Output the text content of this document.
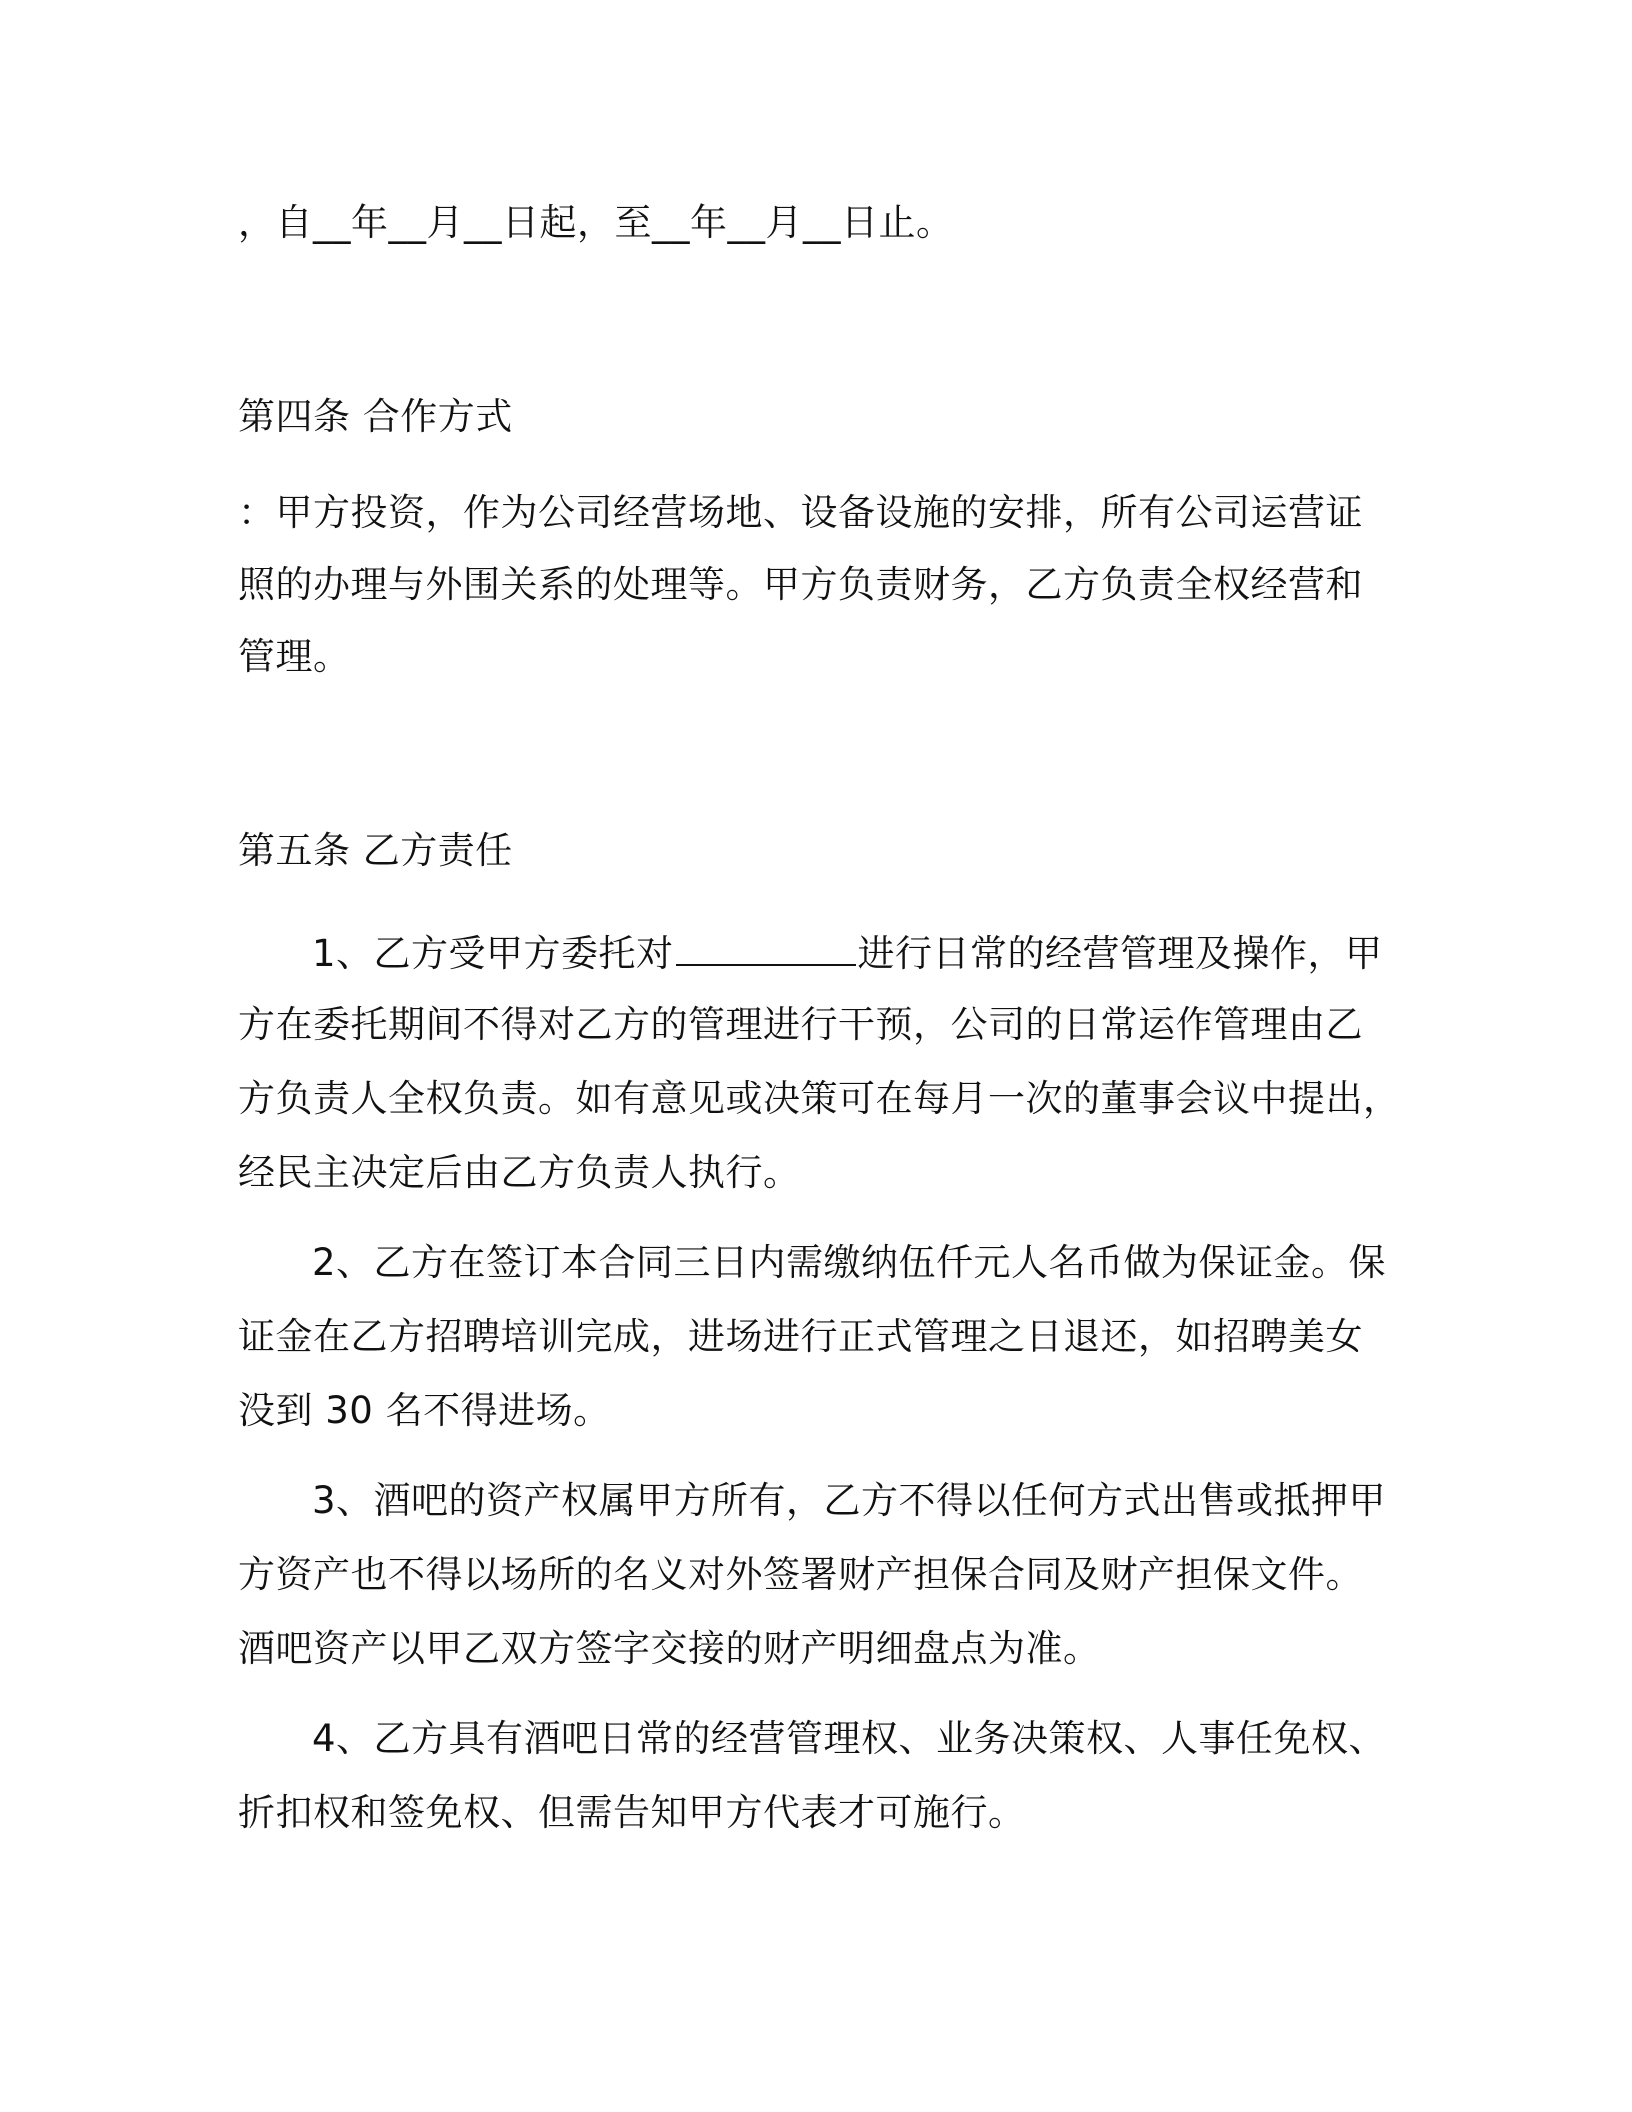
，自__年__月__日起，至__年__月__日止。
第四条 合作方式
：甲方投资，作为公司经营场地、设备设施的安排，所有公司运营证
照的办理与外围关系的处理等。甲方负责财务，乙方负责全权经营和
管理。
第五条 乙方责任
1、乙方受甲方委托对	进行日常的经营管理及操作，甲
方在委托期间不得对乙方的管理进行干预，公司的日常运作管理由乙
方负责人全权负责。如有意见或决策可在每月一次的董事会议中提出，
经民主决定后由乙方负责人执行。
2、乙方在签订本合同三日内需缴纳伍仟元人名币做为保证金。保
证金在乙方招聘培训完成，进场进行正式管理之日退还，如招聘美女
没到 30 名不得进场。
3、酒吧的资产权属甲方所有，乙方不得以任何方式出售或抵押甲
方资产也不得以场所的名义对外签署财产担保合同及财产担保文件。
酒吧资产以甲乙双方签字交接的财产明细盘点为准。
4、乙方具有酒吧日常的经营管理权、业务决策权、人事任免权、
折扣权和签免权、但需告知甲方代表才可施行。
